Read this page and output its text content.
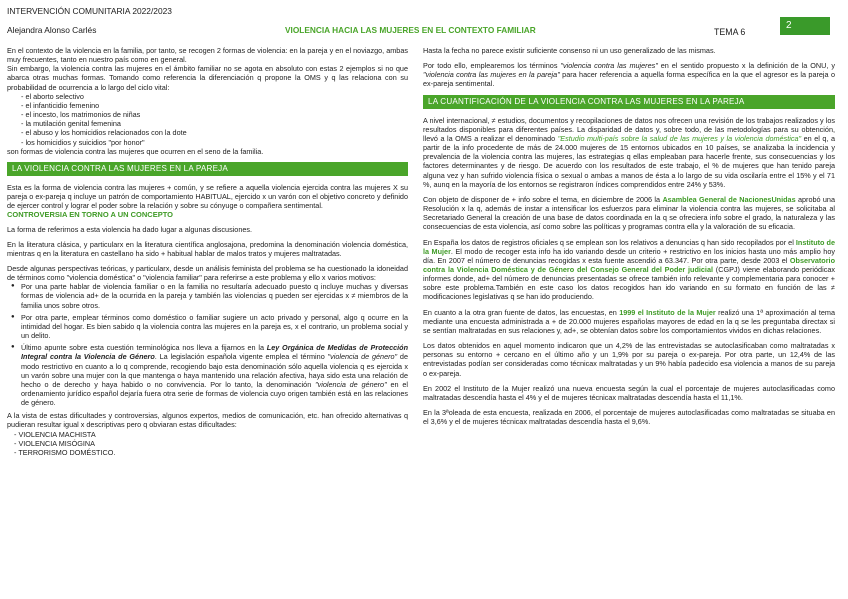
INTERVENCIÓN COMUNITARIA 2022/2023
Alejandra Alonso Carlés	VIOLENCIA HACIA LAS MUJERES EN EL CONTEXTO FAMILIAR	TEMA 6
2

En el contexto de la violencia en la familia, por tanto, se recogen 2 formas de violencia: en la pareja y en el noviazgo, ambas muy frecuentes, tanto en nuestro país como en general.

Sin embargo, la violencia contra las mujeres en el ámbito familiar no se agota en absoluto con estas 2 ejemplos si no que abarca otras muchas formas. Tomando como referencia la diferenciación q propone la OMS y q las relaciona con su probabilidad de ocurrencia a lo largo del ciclo vital:

- el aborto selectivo
- el infanticidio femenino
- el incesto, los matrimonios de niñas
- la mutilación genital femenina
- el abuso y los homicidios relacionados con la dote
- los homicidios y suicidios "por honor"

son formas de violencia contra las mujeres que ocurren en el seno de la familia.

LA VIOLENCIA CONTRA LAS MUJERES EN LA PAREJA

Esta es la forma de violencia contra las mujeres + común, y se refiere a aquella violencia ejercida contra las mujeres X su pareja o ex-pareja q incluye un patrón de comportamiento HABITUAL, ejercido x un varón con el objetivo concreto y definido de ejercer control y lograr el poder sobre la relación y sobre su cónyuge o compañera sentimental.

CONTROVERSIA EN TORNO A UN CONCEPTO

La forma de referirnos a esta violencia ha dado lugar a algunas discusiones.

En la literatura clásica, y particularx en la literatura científica anglosajona, predomina la denominación violencia doméstica, mientras q en la literatura en castellano ha sido + habitual hablar de malos tratos y mujeres maltratadas.

Desde algunas perspectivas teóricas, y particularx, desde un análisis feminista del problema se ha cuestionado la idoneidad de términos como "violencia doméstica" o "violencia familiar" para referirse a este problema y ello x varios motivos:

● Por una parte hablar de violencia familiar o en la familia no resultaría adecuado puesto q incluye muchas y diversas formas de violencia ad+ de la ocurrida en la pareja y también las violencias q pueden ser ejercidas x ≠ miembros de la familia unos sobre otros.
● Por otra parte, emplear términos como doméstico o familiar sugiere un acto privado y personal, algo q ocurre en la intimidad del hogar. Es bien sabido q la violencia contra las mujeres en la pareja es, x el contrario, un problema social y un delito.
● Último apunte sobre esta cuestión terminológica nos lleva a fijarnos en la Ley Orgánica de Medidas de Protección Integral contra la Violencia de Género. La legislación española vigente emplea el término "violencia de género" de modo restrictivo en cuanto a lo q comprende, recogiendo bajo esta denominación sólo aquella violencia q es ejercida x un varón sobre una mujer con la que mantenga o haya mantenido una relación afectiva, haya sido esta una relación de hecho o de derecho y haya habido o no convivencia. Por lo tanto, la denominación "violencia de género" en el ordenamiento jurídico español dejaría fuera otra serie de formas de violencia cuyo origen también está en las relaciones de género.

A la vista de estas dificultades y controversias, algunos expertos, medios de comunicación, etc. han ofrecido alternativas q pudieran resultar igual x descriptivas pero q obviaran estas dificultades:

- VIOLENCIA MACHISTA
- VIOLENCIA MISÓGINA
- TERRORISMO DOMÉSTICO.

Hasta la fecha no parece existir suficiente consenso ni un uso generalizado de las mismas.

Por todo ello, emplearemos los términos "violencia contra las mujeres" en el sentido propuesto x la definición de la ONU, y "violencia contra las mujeres en la pareja" para hacer referencia a aquella forma específica en la que el agresor es la pareja o ex-pareja sentimental.

LA CUANTIFICACIÓN DE LA VIOLENCIA CONTRA LAS MUJERES EN LA PAREJA

A nivel internacional, ≠ estudios, documentos y recopilaciones de datos nos ofrecen una revisión de los trabajos realizados y los resultados disponibles para diferentes países. La disparidad de datos y, sobre todo, de las metodologías para su obtención, llevó a la OMS a realizar el denominado "Estudio multi-país sobre la salud de las mujeres y la violencia doméstica" en el q, a partir de la info procedente de más de 24.000 mujeres de 15 entornos ubicados en 10 países, se analizaba la incidencia y prevalencia de la violencia contra las mujeres, las estrategias q ellas empleaban para hacerle frente, sus consecuencias y los factores determinantes y de riesgo. De acuerdo con los resultados de este trabajo, el % de mujeres que han tenido pareja alguna vez y han sufrido violencia física o sexual o ambas a manos de ésta a lo largo de su vida oscilaría entre el 15% y el 71 %, aunq en la mayoría de los entornos se registraron índices comprendidos entre 24% y 53%.

Con objeto de disponer de + info sobre el tema, en diciembre de 2006 la Asamblea General de NacionesUnidas aprobó una Resolución x la q, además de instar a intensificar los esfuerzos para eliminar la violencia contra las mujeres, se solicitaba al Secretariado General la creación de una base de datos coordinada en la q se ofreciera info sobre el grado, la naturaleza y las consecuencias de esta violencia, así como sobre las políticas y programas contra ella y la valoración de su eficacia.

En España los datos de registros oficiales q se emplean son los relativos a denuncias q han sido recopilados por el Instituto de la Mujer. El modo de recoger esta info ha ido variando desde un criterio + restrictivo en los inicios hasta uno más amplio hoy día. En 2007 el número de denuncias recogidas x esta fuente ascendió a 63.347. Por otra parte, desde 2003 el Observatorio contra la Violencia Doméstica y de Género del Consejo General del Poder judicial (CGPJ) viene elaborando periódicax informes donde, ad+ del número de denuncias presentadas se ofrece también info relevante y complementaria para conocer + sobre este problema.También en este caso los datos recogidos han ido variando en su formato en función de las ≠ modificaciones legislativas q se han ido produciendo.

En cuanto a la otra gran fuente de datos, las encuestas, en 1999 el Instituto de la Mujer realizó una 1ª aproximación al tema mediante una encuesta administrada a + de 20.000 mujeres españolas mayores de edad en la q se les preguntaba directax si se sentían maltratadas en sus relaciones y, ad+, se obtenían datos sobre los comportamientos vividos en dichas relaciones.

Los datos obtenidos en aquel momento indicaron que un 4,2% de las entrevistadas se autoclasificaban como maltratadas x personas su entorno + cercano en el último año y un 1,9% por su pareja o ex-pareja. Por otra parte, un 12,4% de las entrevistadas podían ser consideradas como técnicax maltratadas y un 9% había padecido esa violencia a manos de su pareja o ex-pareja.

En 2002 el Instituto de la Mujer realizó una nueva encuesta según la cual el porcentaje de mujeres autoclasificadas como maltratadas descendía hasta el 4% y el de mujeres técnicax maltratadas descendía hasta el 11,1%.

En la 3ªoleada de esta encuesta, realizada en 2006, el porcentaje de mujeres autoclasificadas como maltratadas se situaba en el 3,6% y el de mujeres técnicax maltratadas descendía hasta el 9,6%.
